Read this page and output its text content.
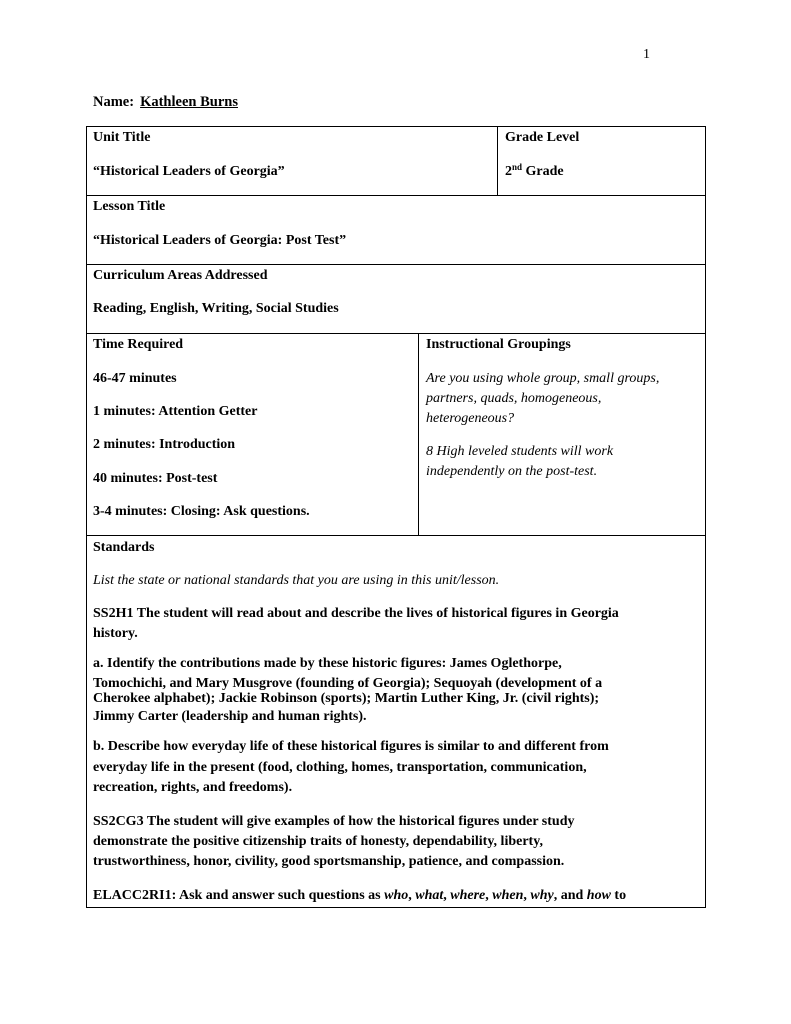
1
Name: Kathleen Burns
Unit Title
“Historical Leaders of Georgia”
Grade Level
2nd Grade
Lesson Title
“Historical Leaders of Georgia: Post Test”
Curriculum Areas Addressed
Reading, English, Writing, Social Studies
Time Required
46-47 minutes
1 minutes: Attention Getter
2 minutes: Introduction
40 minutes: Post-test
3-4 minutes: Closing: Ask questions.
Instructional Groupings
Are you using whole group, small groups,
partners, quads, homogeneous,
heterogeneous?
8 High leveled students will work
independently on the post-test.
Standards
List the state or national standards that you are using in this unit/lesson.
SS2H1 The student will read about and describe the lives of historical figures in Georgia
history.
a. Identify the contributions made by these historic figures: James Oglethorpe,
Tomochichi, and Mary Musgrove (founding of Georgia); Sequoyah (development of a
Cherokee alphabet); Jackie Robinson (sports); Martin Luther King, Jr. (civil rights);
Jimmy Carter (leadership and human rights).
b. Describe how everyday life of these historical figures is similar to and different from
everyday life in the present (food, clothing, homes, transportation, communication,
recreation, rights, and freedoms).
SS2CG3 The student will give examples of how the historical figures under study
demonstrate the positive citizenship traits of honesty, dependability, liberty,
trustworthiness, honor, civility, good sportsmanship, patience, and compassion.
ELACC2RI1: Ask and answer such questions as who, what, where, when, why, and how to
